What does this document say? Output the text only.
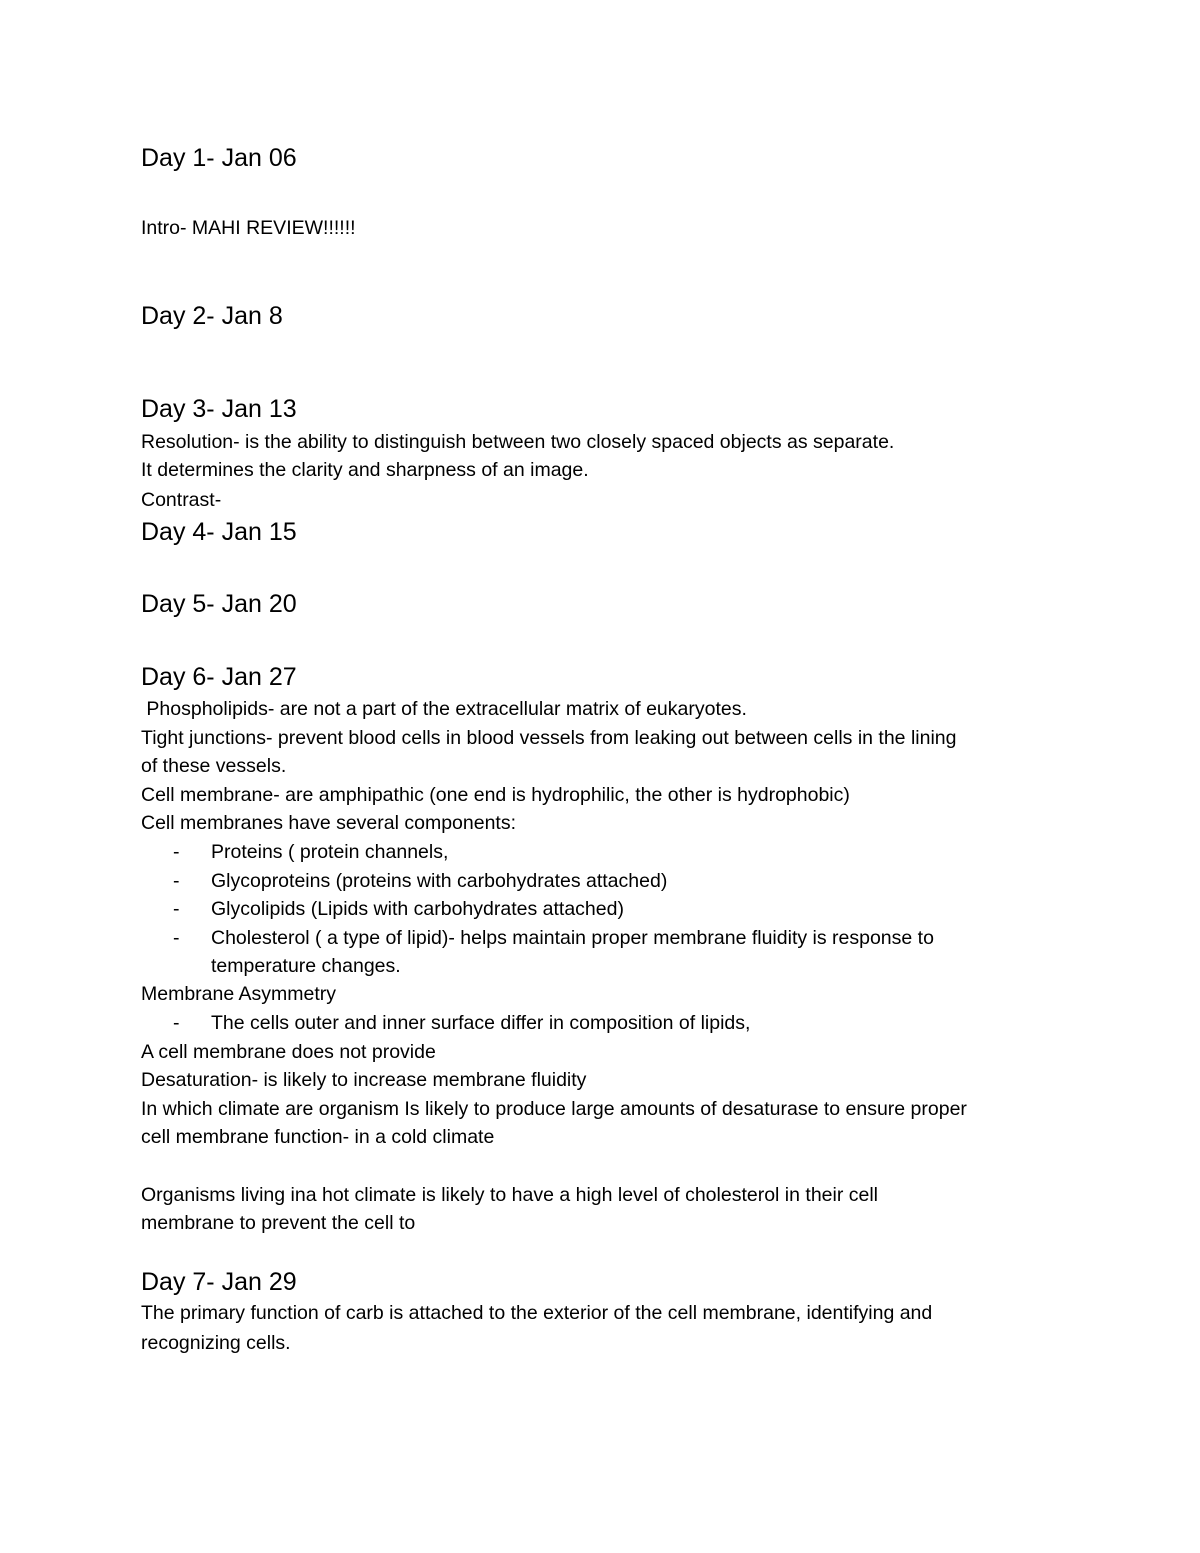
Day 1- Jan 06

Intro- MAHI REVIEW!!!!!!

Day 2- Jan 8
Day 3- Jan 13

Resolution- is the ability to distinguish between two closely spaced objects as separate.

It determines the clarity and sharpness of an image.

Contrast-

Day 4- Jan 15
Day 5- Jan 20
Day 6- Jan 27

Phospholipids- are not a part of the extracellular matrix of eukaryotes.

Tight junctions- prevent blood cells in blood vessels from leaking out between cells in the lining

of these vessels.

Cell membrane- are amphipathic (one end is hydrophilic, the other is hydrophobic)

Cell membranes have several components:

- Proteins ( protein channels,
- Glycoproteins (proteins with carbohydrates attached)
- Glycolipids (Lipids with carbohydrates attached)
- Cholesterol ( a type of lipid)- helps maintain proper membrane fluidity is response to
temperature changes.

Membrane Asymmetry

- The cells outer and inner surface differ in composition of lipids,

A cell membrane does not provide

Desaturation- is likely to increase membrane fluidity

In which climate are organism Is likely to produce large amounts of desaturase to ensure proper

cell membrane function- in a cold climate

Organisms living ina hot climate is likely to have a high level of cholesterol in their cell

membrane to prevent the cell to

Day 7- Jan 29

The primary function of carb is attached to the exterior of the cell membrane, identifying and

recognizing cells.
